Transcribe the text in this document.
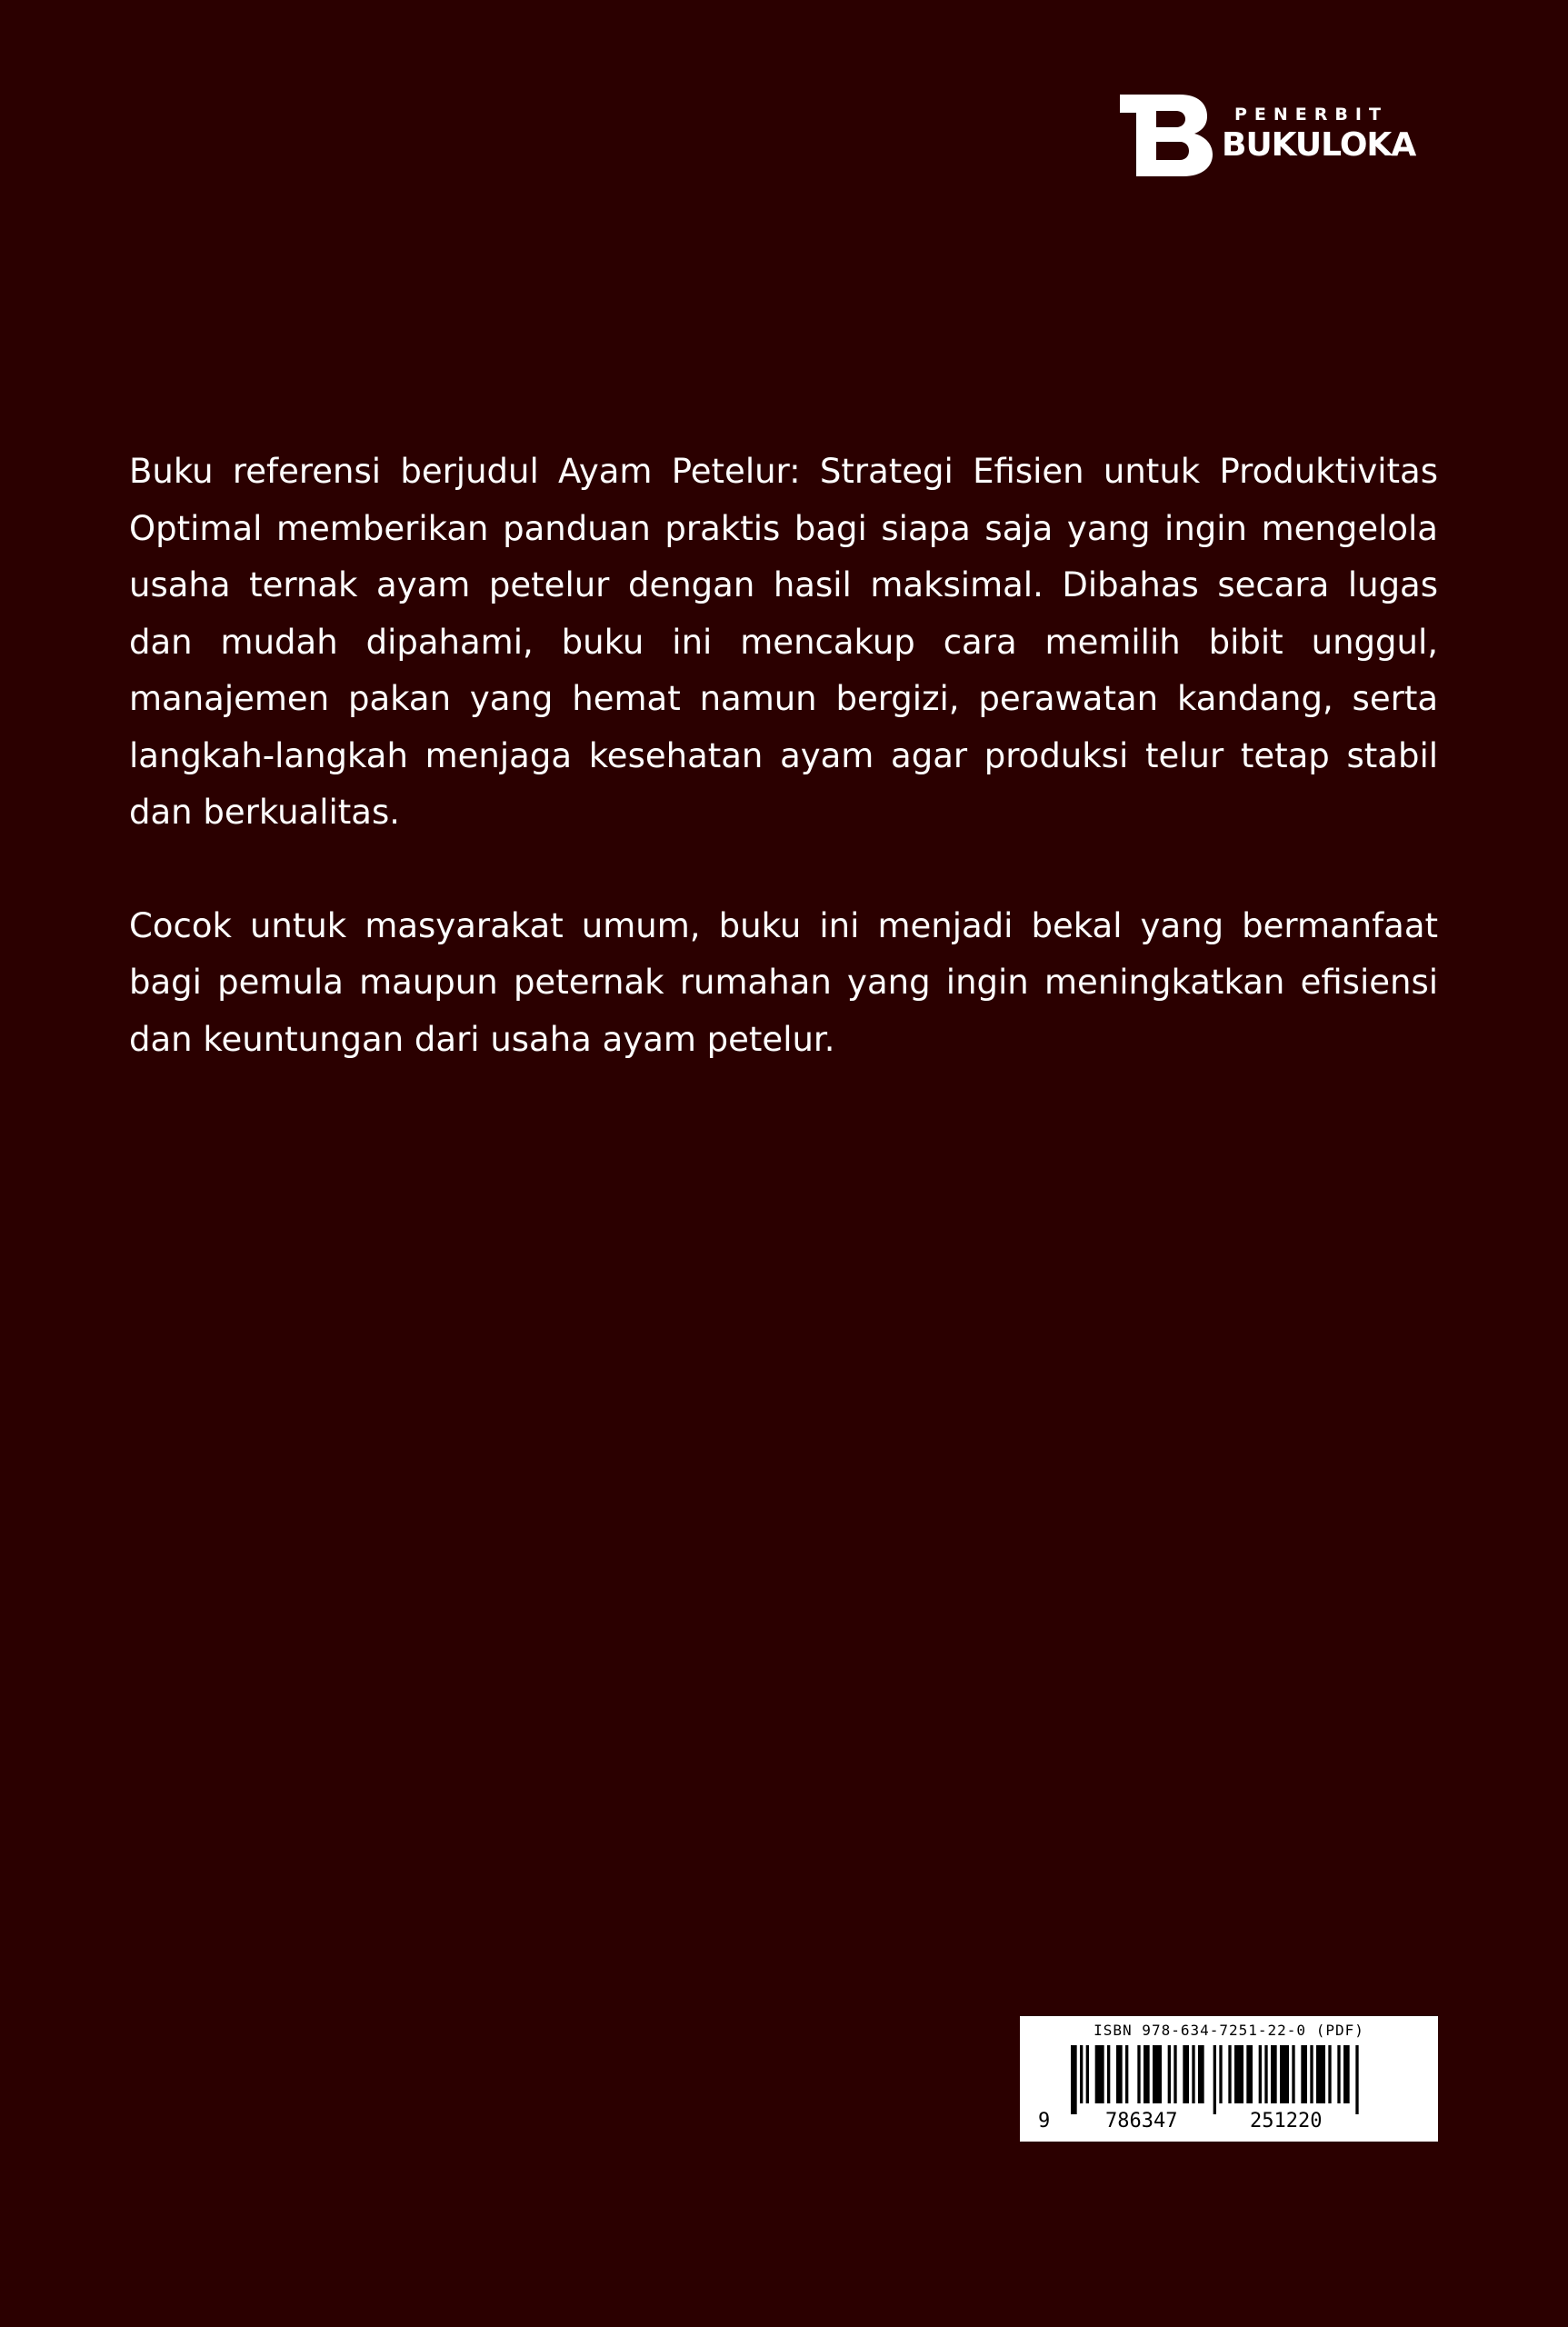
PENERBIT
BUKULOKA

Buku referensi berjudul Ayam Petelur: Strategi Efisien untuk Produktivitas Optimal memberikan panduan praktis bagi siapa saja yang ingin mengelola usaha ternak ayam petelur dengan hasil maksimal. Dibahas secara lugas dan mudah dipahami, buku ini mencakup cara memilih bibit unggul, manajemen pakan yang hemat namun bergizi, perawatan kandang, serta langkah-langkah menjaga kesehatan ayam agar produksi telur tetap stabil dan berkualitas.

Cocok untuk masyarakat umum, buku ini menjadi bekal yang bermanfaat bagi pemula maupun peternak rumahan yang ingin meningkatkan efisiensi dan keuntungan dari usaha ayam petelur.

ISBN 978-634-7251-22-0 (PDF)
9	786347	251220
